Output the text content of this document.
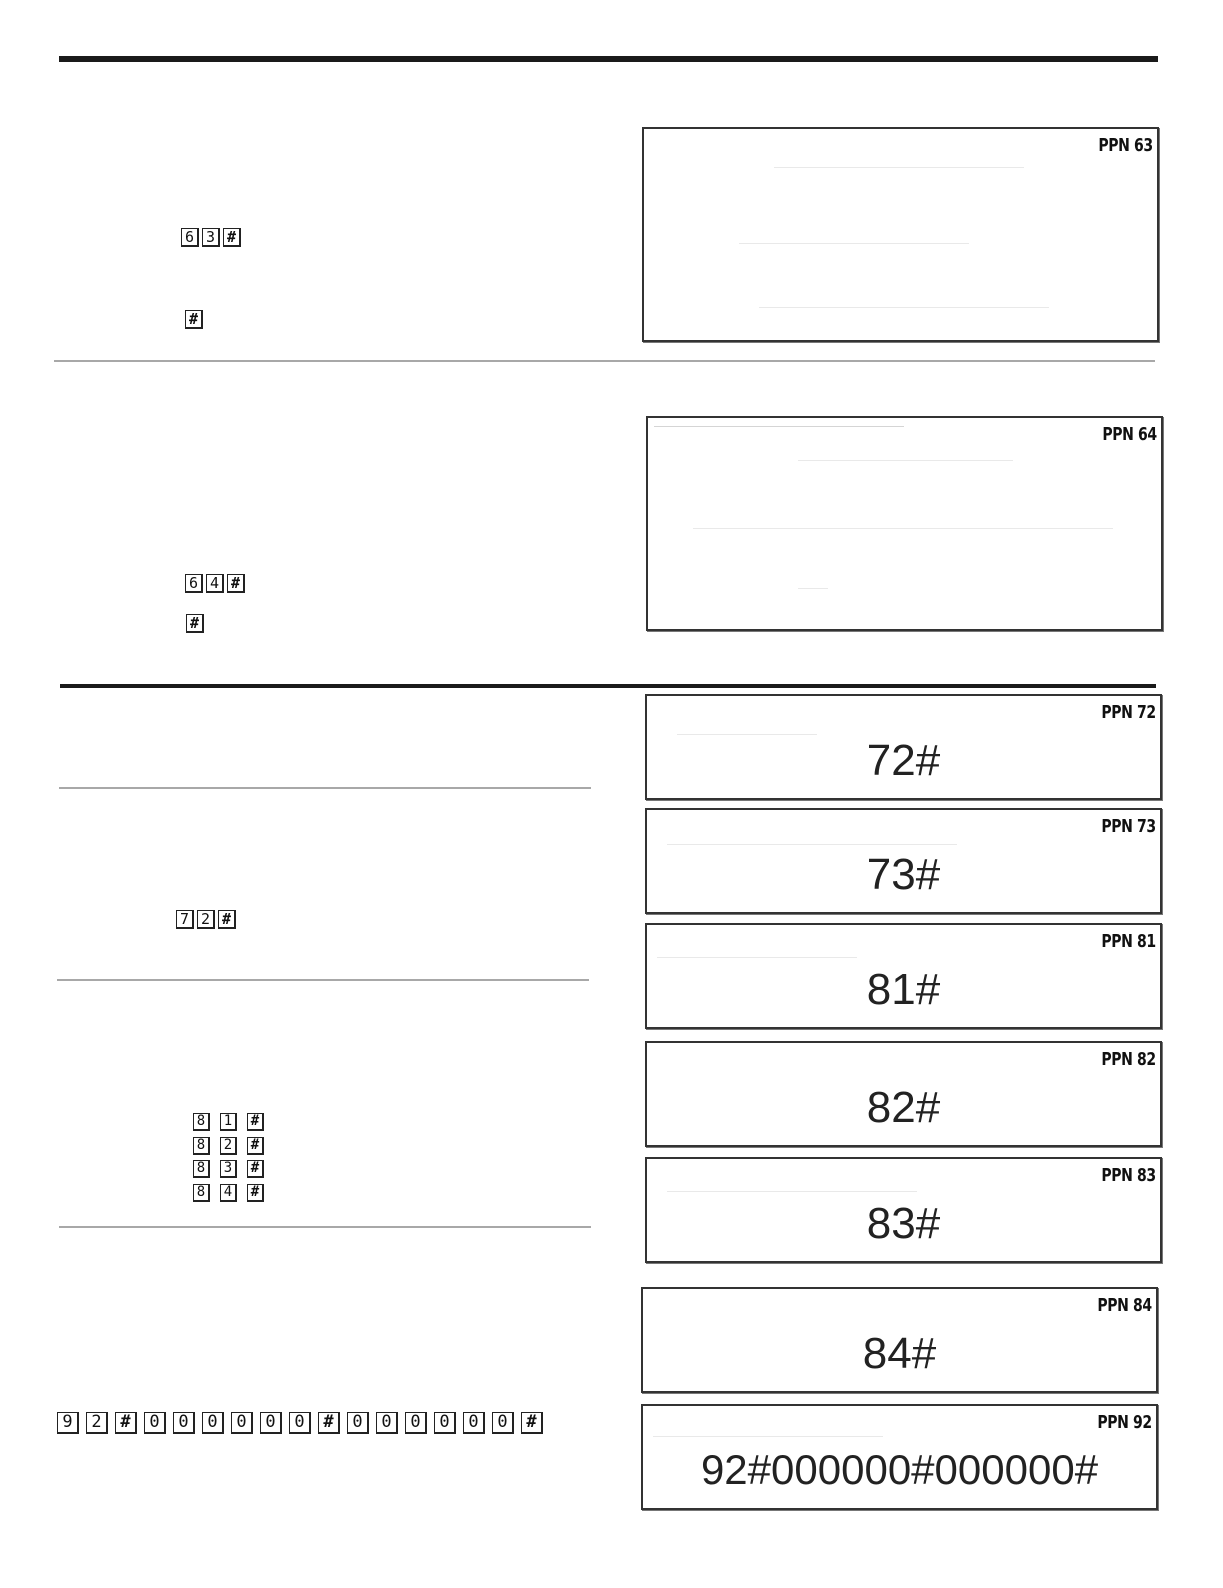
6 3 #
#
6 4 #
#
7 2 #
8	1	#
8	2	#
8	3	#
8	4	#
9	2	#	0	0	0	0	0	0	#	0	0	0	0	0	0	#
PPN 63
PPN 64
PPN 72
72#
PPN 73
73#
PPN 81
81#
PPN 82
82#
PPN 83
83#
PPN 84
84#
PPN 92
92#000000#000000#
